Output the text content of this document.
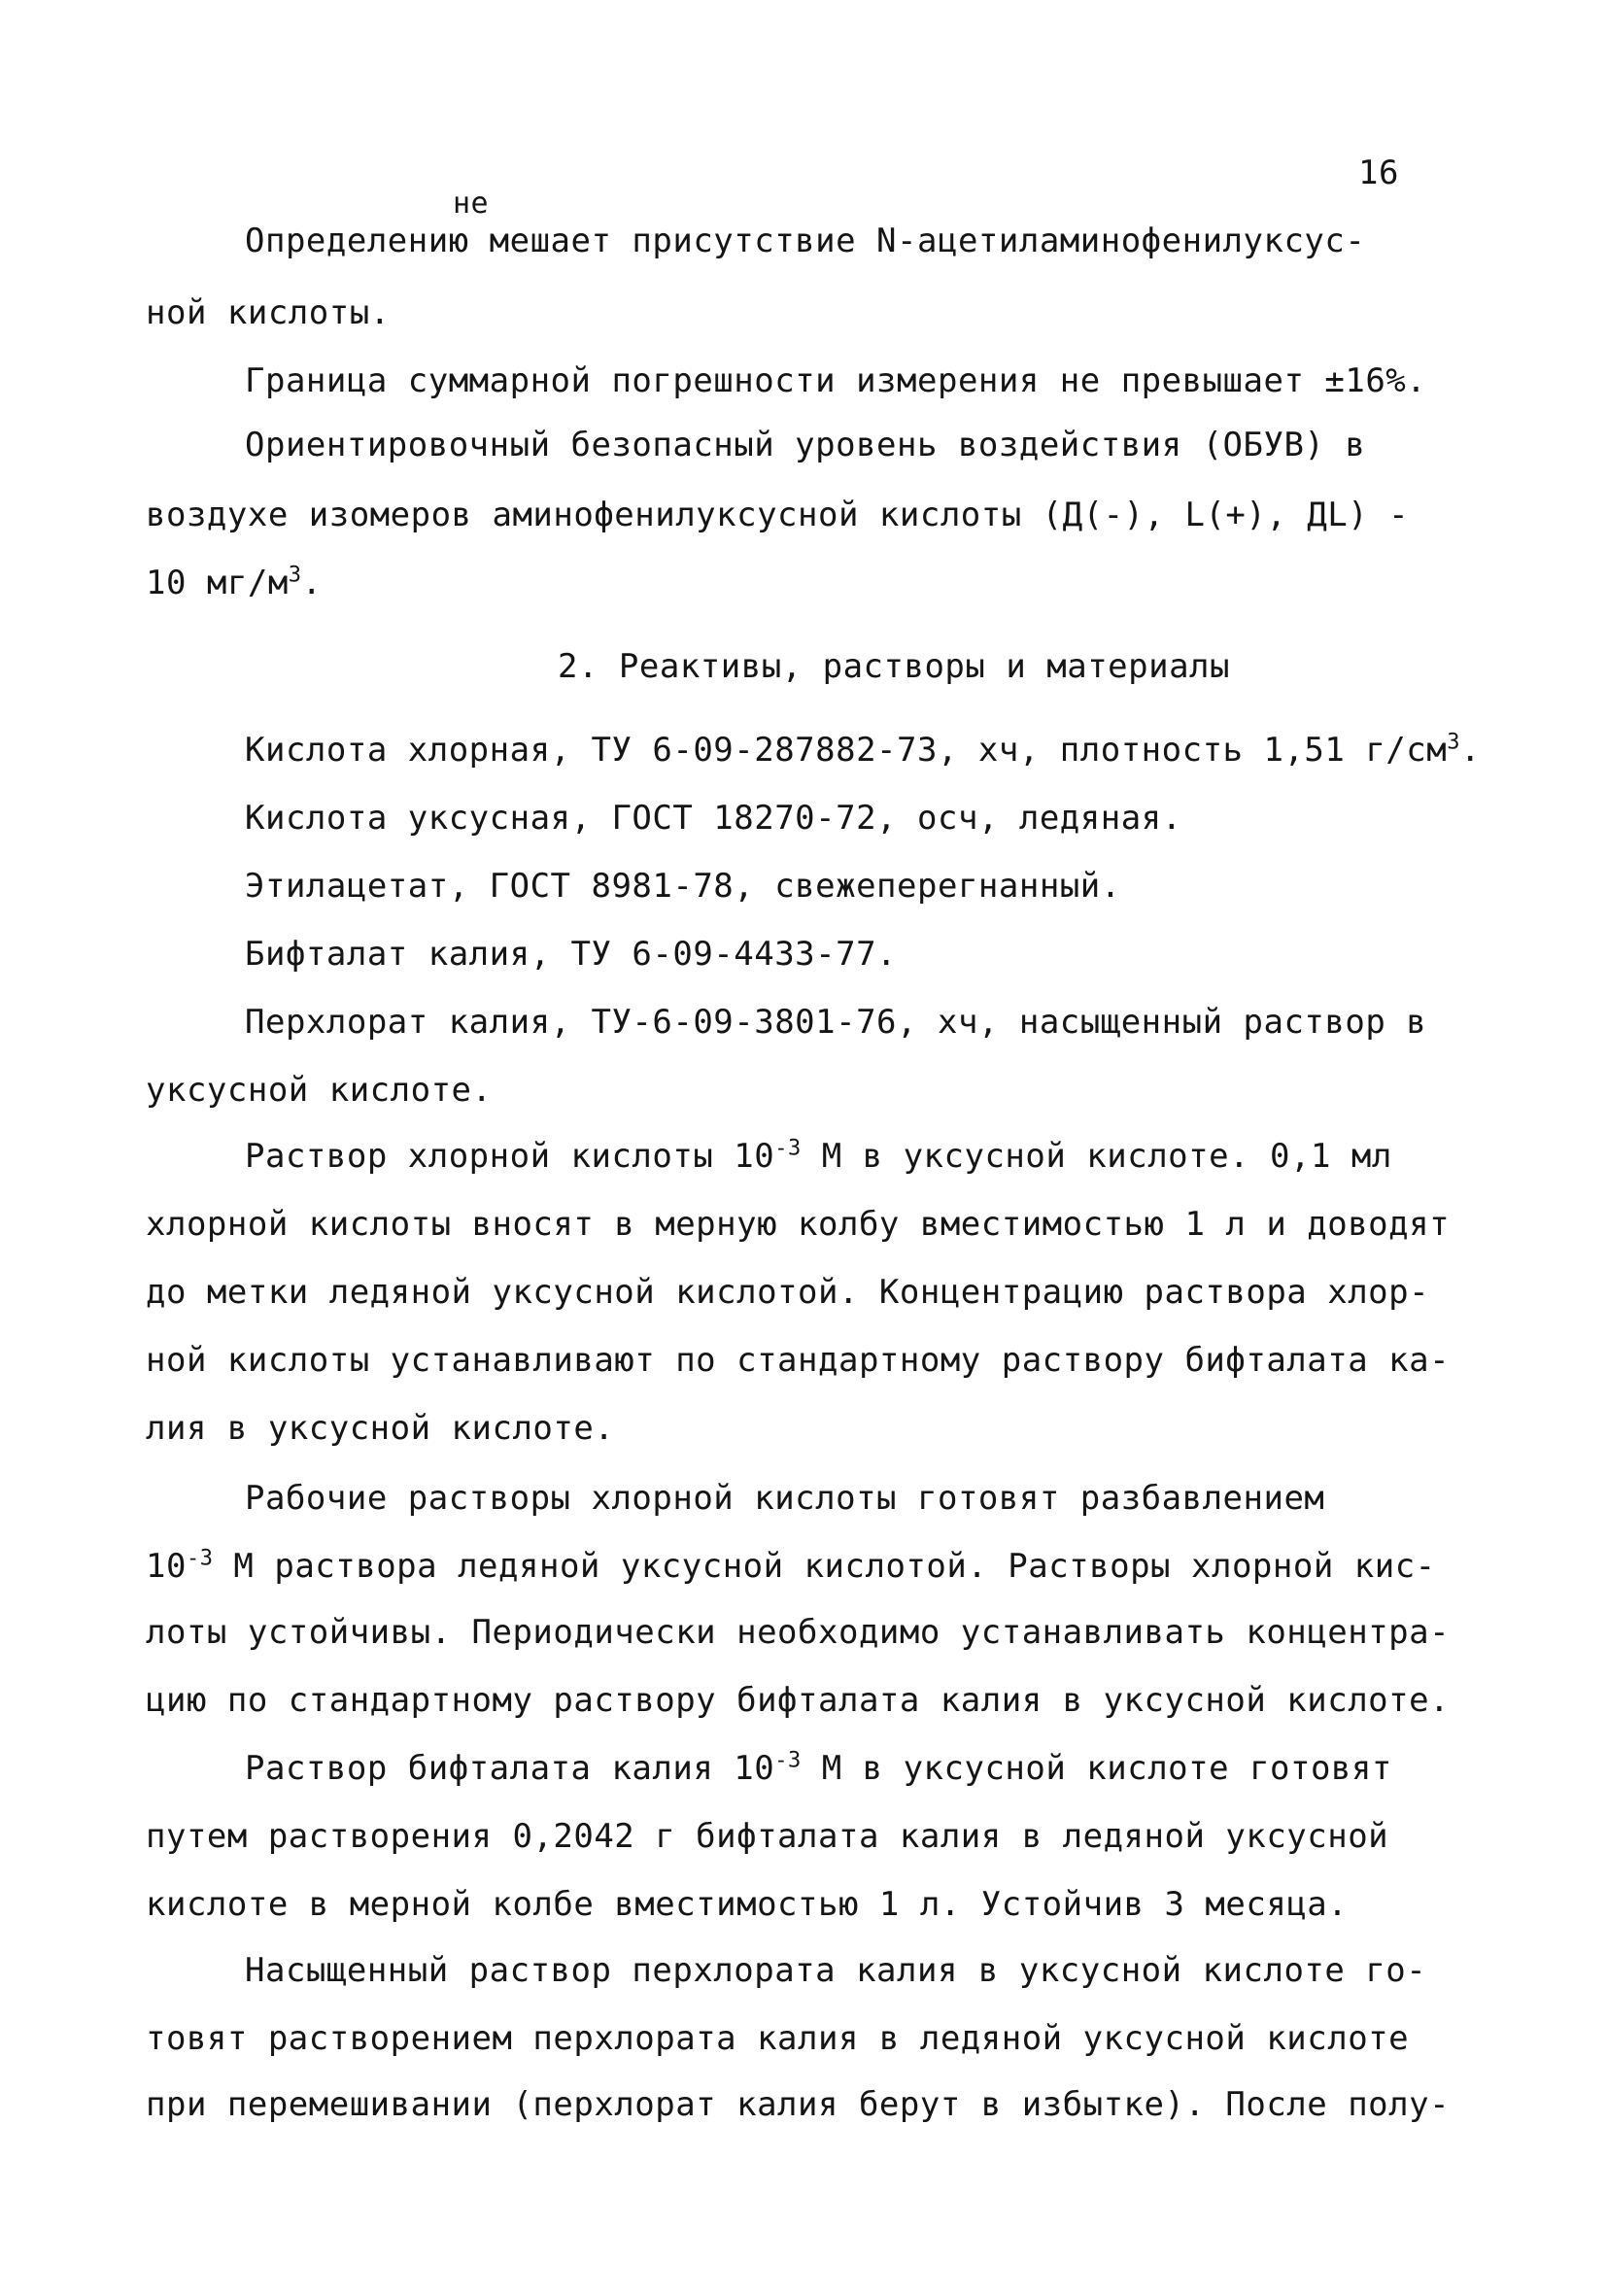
16
не
Определению мешает присутствие N-ацетиламинофенилуксус-
ной кислоты.
Граница суммарной погрешности измерения не превышает ±16%.
Ориентировочный безопасный уровень воздействия (ОБУВ) в
воздухе изомеров аминофенилуксусной кислоты (Д(-), L(+), ДL) -
10 $мг/м^3$.
2. Реактивы, растворы и материалы
Кислота хлорная, ТУ 6-09-287882-73, хч, плотность 1,51 $г/см^3$.
Кислота уксусная, ГОСТ 18270-72, осч, ледяная.
Этилацетат, ГОСТ 8981-78, свежеперегнанный.
Бифталат калия, ТУ 6-09-4433-77.
Перхлорат калия, ТУ-6-09-3801-76, хч, насыщенный раствор в
уксусной кислоте.
Раствор хлорной кислоты $10^{-3}$ М в уксусной кислоте. 0,1 мл
хлорной кислоты вносят в мерную колбу вместимостью 1 л и доводят
до метки ледяной уксусной кислотой. Концентрацию раствора хлор-
ной кислоты устанавливают по стандартному раствору бифталата ка-
лия в уксусной кислоте.
Рабочие растворы хлорной кислоты готовят разбавлением
$10^{-3}$ М раствора ледяной уксусной кислотой. Растворы хлорной кис-
лоты устойчивы. Периодически необходимо устанавливать концентра-
цию по стандартному раствору бифталата калия в уксусной кислоте.
Раствор бифталата калия $10^{-3}$ М в уксусной кислоте готовят
путем растворения 0,2042 г бифталата калия в ледяной уксусной
кислоте в мерной колбе вместимостью 1 л. Устойчив 3 месяца.
Насыщенный раствор перхлората калия в уксусной кислоте го-
товят растворением перхлората калия в ледяной уксусной кислоте
при перемешивании (перхлорат калия берут в избытке). После полу-
